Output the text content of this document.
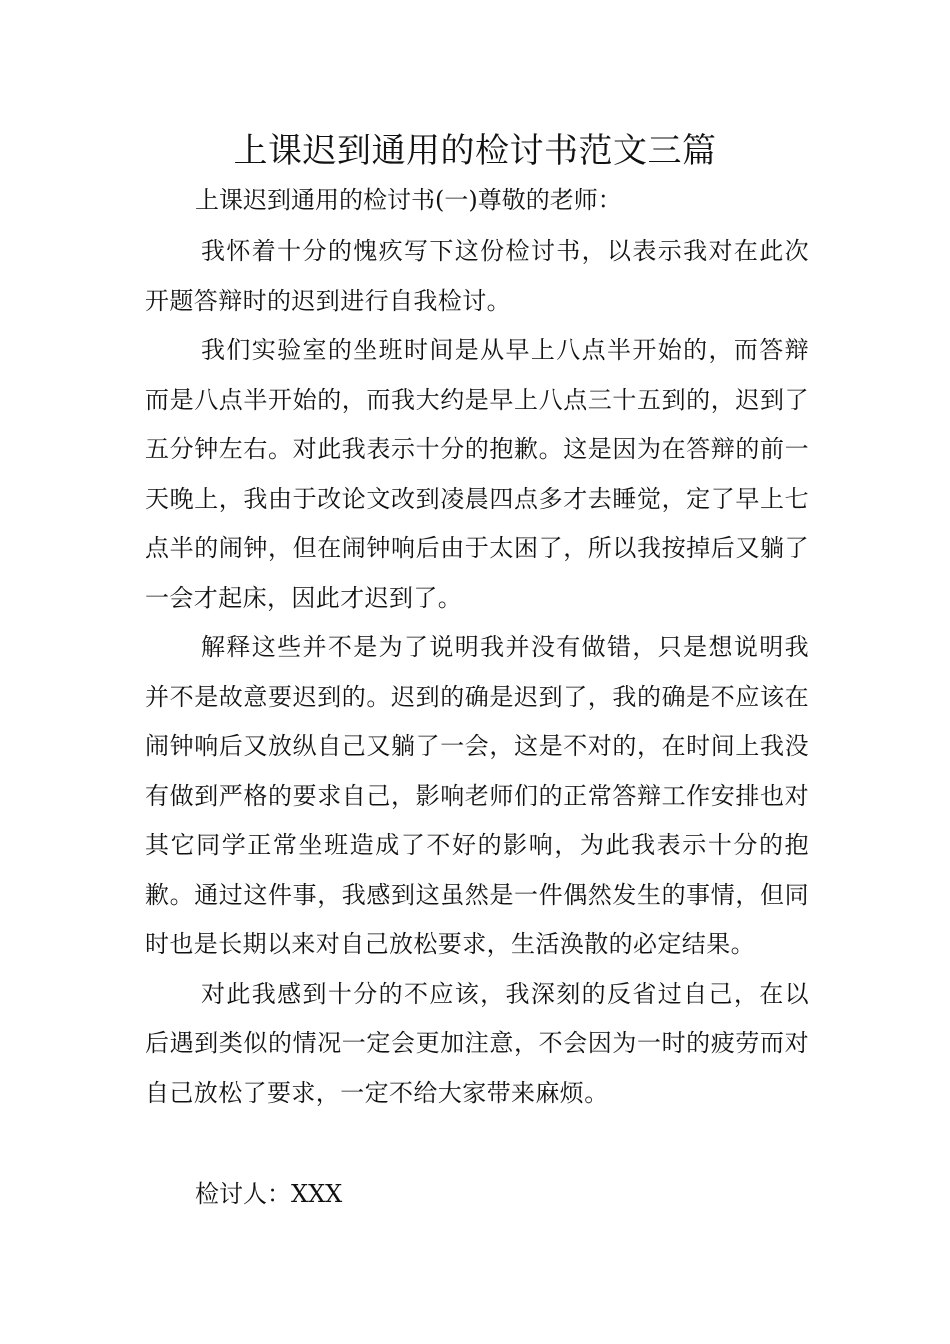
上课迟到通用的检讨书范文三篇

上课迟到通用的检讨书(一)尊敬的老师：

我怀着十分的愧疚写下这份检讨书，以表示我对在此次开题答辩时的迟到进行自我检讨。

我们实验室的坐班时间是从早上八点半开始的，而答辩而是八点半开始的，而我大约是早上八点三十五到的，迟到了五分钟左右。对此我表示十分的抱歉。这是因为在答辩的前一天晚上，我由于改论文改到凌晨四点多才去睡觉，定了早上七点半的闹钟，但在闹钟响后由于太困了，所以我按掉后又躺了一会才起床，因此才迟到了。

解释这些并不是为了说明我并没有做错，只是想说明我并不是故意要迟到的。迟到的确是迟到了，我的确是不应该在闹钟响后又放纵自己又躺了一会，这是不对的，在时间上我没有做到严格的要求自己，影响老师们的正常答辩工作安排也对其它同学正常坐班造成了不好的影响，为此我表示十分的抱歉。通过这件事，我感到这虽然是一件偶然发生的事情，但同时也是长期以来对自己放松要求，生活涣散的必定结果。

对此我感到十分的不应该，我深刻的反省过自己，在以后遇到类似的情况一定会更加注意，不会因为一时的疲劳而对自己放松了要求，一定不给大家带来麻烦。

检讨人：XXX
